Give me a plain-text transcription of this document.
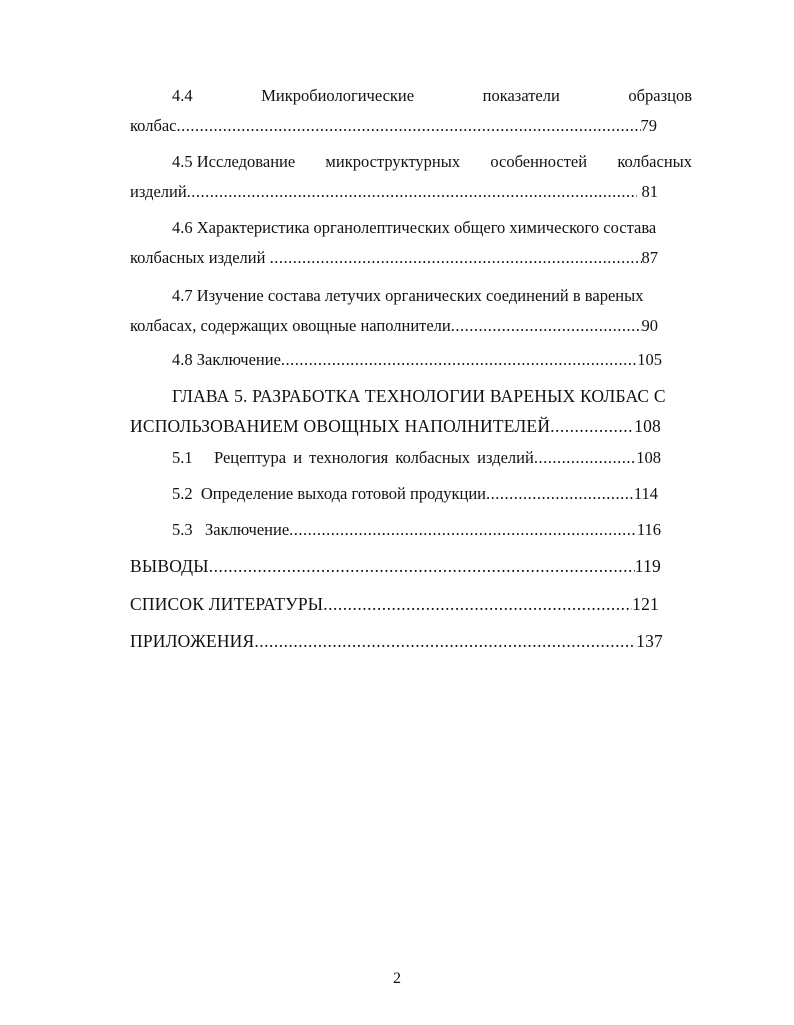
4.4	Микробиологические	показатели	образцов
колбас .....	79
4.5 Исследование микроструктурных особенностей колбасных
изделий .....	81
4.6 Характеристика органолептических общего химического состава
колбасных изделий .....	87
4.7 Изучение состава летучих органических соединений в вареных
колбасах, содержащих овощные наполнители .....	90
4.8 Заключение .....	105
ГЛАВА 5. РАЗРАБОТКА ТЕХНОЛОГИИ ВАРЕНЫХ КОЛБАС С
ИСПОЛЬЗОВАНИЕМ ОВОЩНЫХ НАПОЛНИТЕЛЕЙ .....	108
5.1   Рецептура и технология колбасных изделий .....	108
5.2  Определение выхода готовой продукции .....	114
5.3   Заключение .....	116
ВЫВОДЫ .....	119
СПИСОК ЛИТЕРАТУРЫ .....	121
ПРИЛОЖЕНИЯ .....	137
2
